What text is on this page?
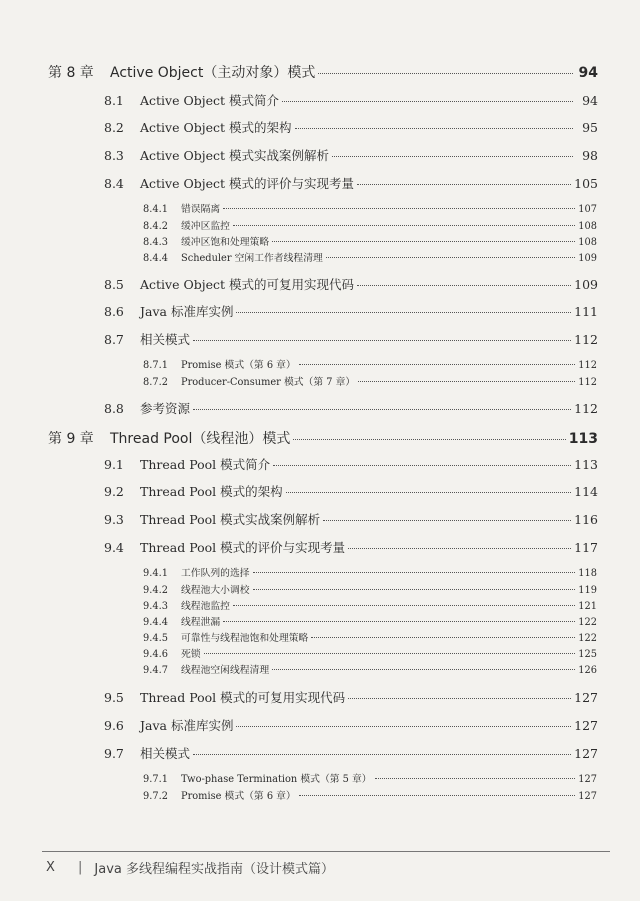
第 8 章	Active Object（主动对象）模式	94
8.1	Active Object 模式简介	94
8.2	Active Object 模式的架构	95
8.3	Active Object 模式实战案例解析	98
8.4	Active Object 模式的评价与实现考量	105
8.4.1	错误隔离	107
8.4.2	缓冲区监控	108
8.4.3	缓冲区饱和处理策略	108
8.4.4	Scheduler 空闲工作者线程清理	109
8.5	Active Object 模式的可复用实现代码	109
8.6	Java 标准库实例	111
8.7	相关模式	112
8.7.1	Promise 模式（第 6 章）	112
8.7.2	Producer-Consumer 模式（第 7 章）	112
8.8	参考资源	112
第 9 章	Thread Pool（线程池）模式	113
9.1	Thread Pool 模式简介	113
9.2	Thread Pool 模式的架构	114
9.3	Thread Pool 模式实战案例解析	116
9.4	Thread Pool 模式的评价与实现考量	117
9.4.1	工作队列的选择	118
9.4.2	线程池大小调校	119
9.4.3	线程池监控	121
9.4.4	线程泄漏	122
9.4.5	可靠性与线程池饱和处理策略	122
9.4.6	死锁	125
9.4.7	线程池空闲线程清理	126
9.5	Thread Pool 模式的可复用实现代码	127
9.6	Java 标准库实例	127
9.7	相关模式	127
9.7.1	Two-phase Termination 模式（第 5 章）	127
9.7.2	Promise 模式（第 6 章）	127
X	| Java 多线程编程实战指南（设计模式篇）
